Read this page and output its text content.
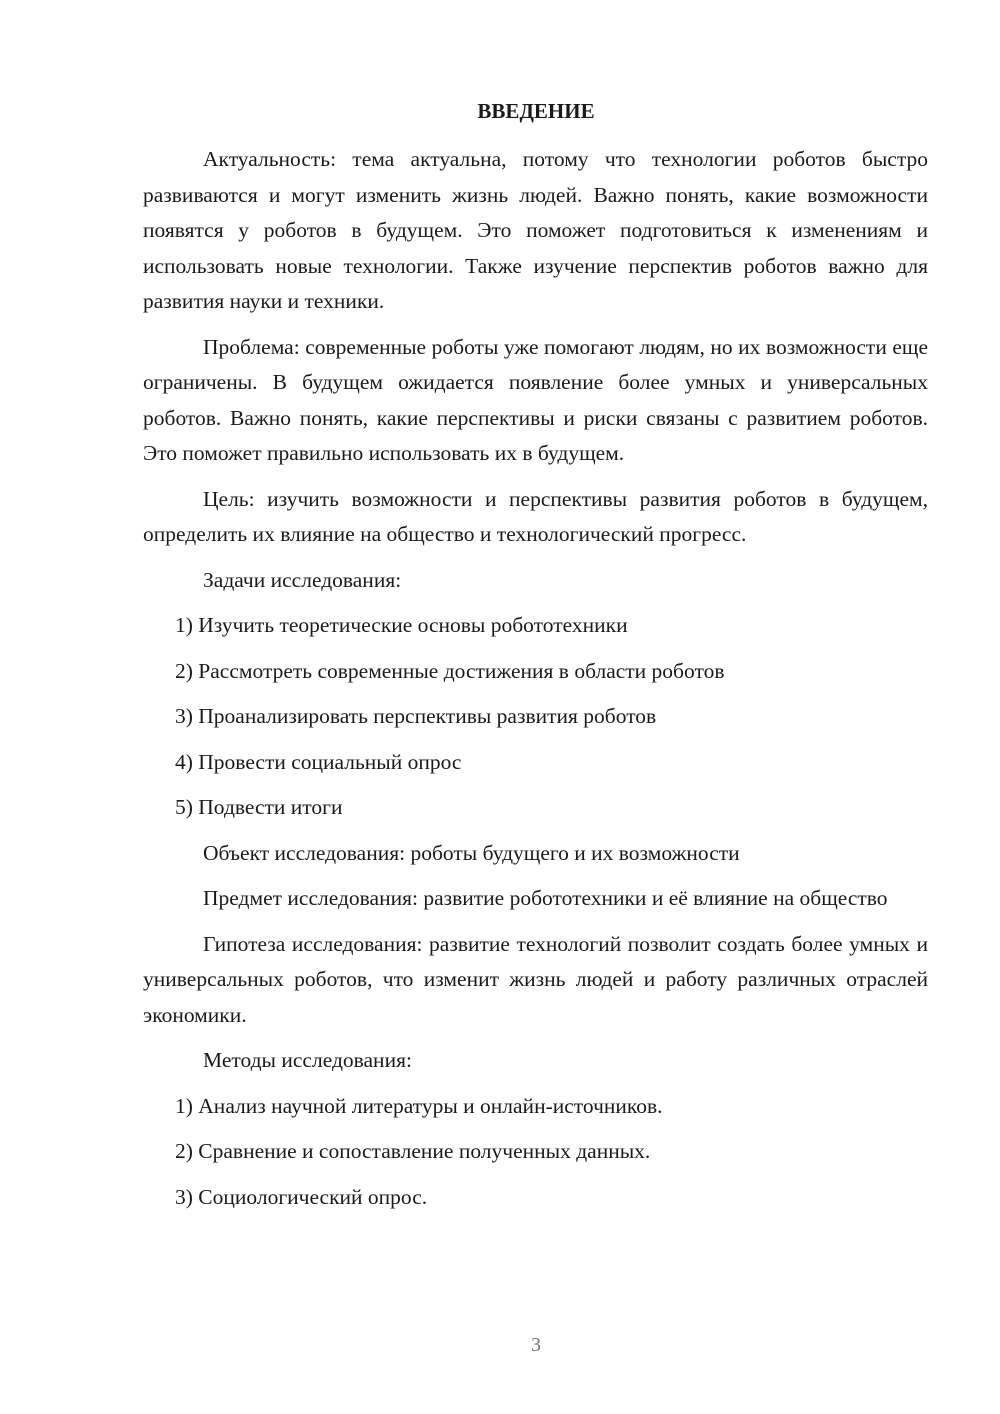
ВВЕДЕНИЕ

Актуальность: тема актуальна, потому что технологии роботов быстро развиваются и могут изменить жизнь людей. Важно понять, какие возможности появятся у роботов в будущем. Это поможет подготовиться к изменениям и использовать новые технологии. Также изучение перспектив роботов важно для развития науки и техники.

Проблема: современные роботы уже помогают людям, но их возможности еще ограничены. В будущем ожидается появление более умных и универсальных роботов. Важно понять, какие перспективы и риски связаны с развитием роботов. Это поможет правильно использовать их в будущем.

Цель: изучить возможности и перспективы развития роботов в будущем, определить их влияние на общество и технологический прогресс.

Задачи исследования:

1) Изучить теоретические основы робототехники

2) Рассмотреть современные достижения в области роботов

3) Проанализировать перспективы развития роботов

4) Провести социальный опрос

5) Подвести итоги

Объект исследования: роботы будущего и их возможности

Предмет исследования: развитие робототехники и её влияние на общество

Гипотеза исследования: развитие технологий позволит создать более умных и универсальных роботов, что изменит жизнь людей и работу различных отраслей экономики.

Методы исследования:

1) Анализ научной литературы и онлайн-источников.

2) Сравнение и сопоставление полученных данных.

3) Социологический опрос.

3
